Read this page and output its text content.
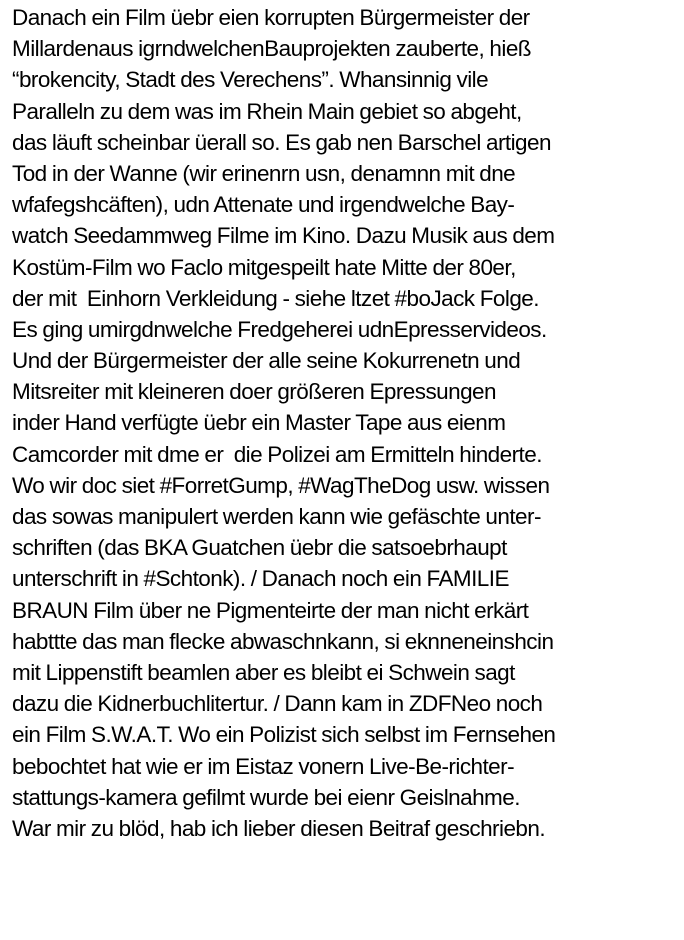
Danach ein Film üebr eien korrupten Bürgermeister der
Millardenaus igrndwelchenBauprojekten zauberte, hieß
“brokencity, Stadt des Verechens”. Whansinnig vile
Paralleln zu dem was im Rhein Main gebiet so abgeht,
das läuft scheinbar üerall so. Es gab nen Barschel artigen
Tod in der Wanne (wir erinenrn usn, denamnn mit dne
wfafegshcäften), udn Attenate und irgendwelche Bay-
watch Seedammweg Filme im Kino. Dazu Musik aus dem
Kostüm-Film wo Faclo mitgespeilt hate Mitte der 80er,
der mit  Einhorn Verkleidung - siehe ltzet #boJack Folge.
Es ging umirgdnwelche Fredgeherei udnEpresservideos.
Und der Bürgermeister der alle seine Kokurrenetn und
Mitsreiter mit kleineren doer größeren Epressungen
inder Hand verfügte üebr ein Master Tape aus eienm
Camcorder mit dme er  die Polizei am Ermitteln hinderte.
Wo wir doc siet #ForretGump, #WagTheDog usw. wissen
das sowas manipulert werden kann wie gefäschte unter-
schriften (das BKA Guatchen üebr die satsoebrhaupt
unterschrift in #Schtonk). / Danach noch ein FAMILIE
BRAUN Film über ne Pigmenteirte der man nicht erkärt
habttte das man flecke abwaschnkann, si eknneneinshcin
mit Lippenstift beamlen aber es bleibt ei Schwein sagt
dazu die Kidnerbuchlitertur. / Dann kam in ZDFNeo noch
ein Film S.W.A.T. Wo ein Polizist sich selbst im Fernsehen
bebochtet hat wie er im Eistaz vonern Live-Be-richter-
stattungs-kamera gefilmt wurde bei eienr Geislnahme.
War mir zu blöd, hab ich lieber diesen Beitraf geschriebn.
